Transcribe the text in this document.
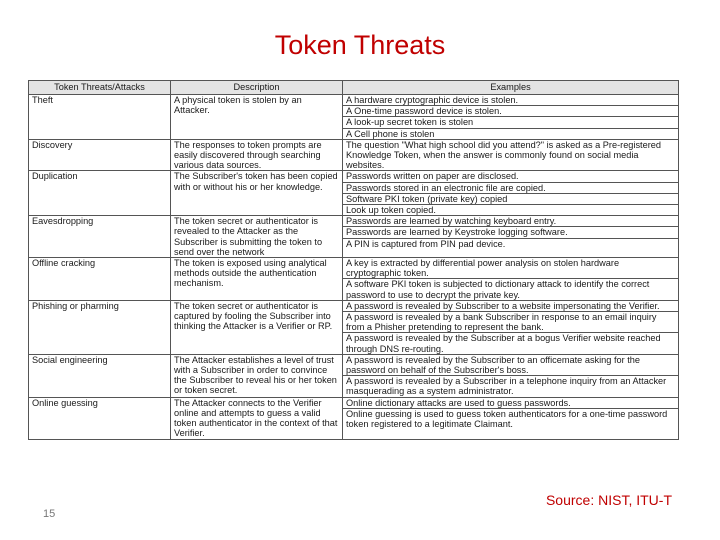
Token Threats
Token Threats/Attacks	Description	Examples
Theft	A physical token is stolen by an Attacker.	A hardware cryptographic device is stolen.
A One-time password device is stolen.
A look-up secret token is stolen
A Cell phone is stolen

Discovery	The responses to token prompts are easily discovered through searching various data sources.	The question "What high school did you attend?" is asked as a Pre-registered Knowledge Token, when the answer is commonly found on social media websites.

Duplication	The Subscriber's token has been copied with or without his or her knowledge.	Passwords written on paper are disclosed.
Passwords stored in an electronic file are copied.
Software PKI token (private key) copied
Look up token copied.

Eavesdropping	The token secret or authenticator is revealed to the Attacker as the Subscriber is submitting the token to send over the network	Passwords are learned by watching keyboard entry.
Passwords are learned by Keystroke logging software.
A PIN is captured from PIN pad device.

Offline cracking	The token is exposed using analytical methods outside the authentication mechanism.	A key is extracted by differential power analysis on stolen hardware cryptographic token.
A software PKI token is subjected to dictionary attack to identify the correct password to use to decrypt the private key.

Phishing or pharming	The token secret or authenticator is captured by fooling the Subscriber into thinking the Attacker is a Verifier or RP.	A password is revealed by Subscriber to a website impersonating the Verifier.
A password is revealed by a bank Subscriber in response to an email inquiry from a Phisher pretending to represent the bank.
A password is revealed by the Subscriber at a bogus Verifier website reached through DNS re-routing.

Social engineering	The Attacker establishes a level of trust with a Subscriber in order to convince the Subscriber to reveal his or her token or token secret.	A password is revealed by the Subscriber to an officemate asking for the password on behalf of the Subscriber's boss.
A password is revealed by a Subscriber in a telephone inquiry from an Attacker masquerading as a system administrator.

Online guessing	The Attacker connects to the Verifier online and attempts to guess a valid token authenticator in the context of that Verifier.	Online dictionary attacks are used to guess passwords.
Online guessing is used to guess token authenticators for a one-time password token registered to a legitimate Claimant.
15
Source: NIST, ITU-T
